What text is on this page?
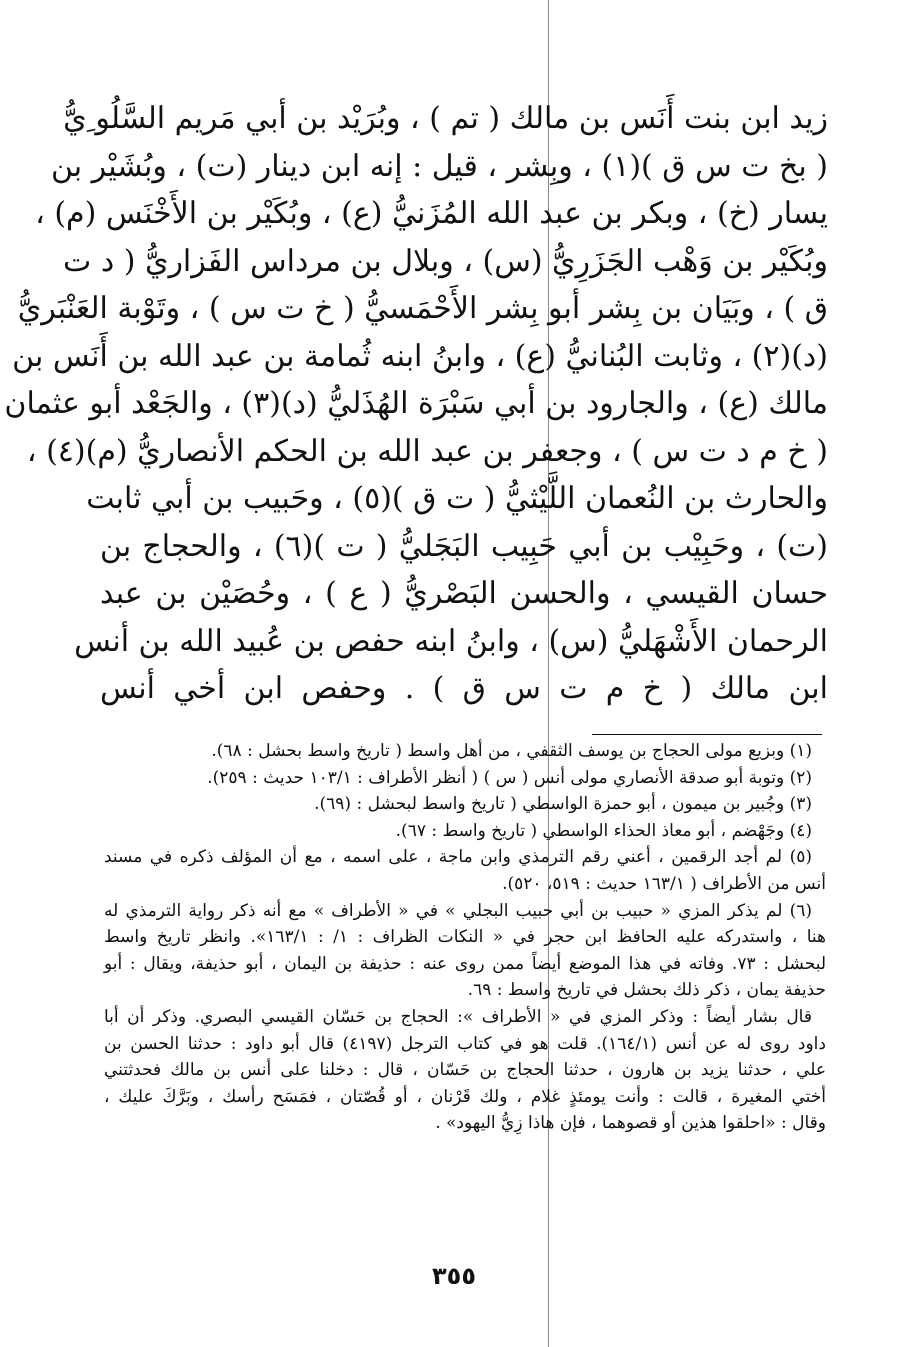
زيد ابن بنت أَنَس بن مالك ( تم ) ، وبُرَيْد بن أبي مَريم السَّلُو ِيُّ
( بخ ت س ق )(١) ، وبِشر ، قيل : إنه ابن دينار (ت) ، وبُشَيْر بن
يسار (خ) ، وبكر بن عبد الله المُزَنيُّ (ع) ، وبُكَيْر بن الأَخْنَس (م) ،
وبُكَيْر بن وَهْب الجَزَرِيُّ (س) ، وبلال بن مرداس الفَزاريُّ ( د ت
ق ) ، وبَيَان بن بِشر أبو بِشر الأَحْمَسيُّ ( خ ت س ) ، وتَوْبة العَنْبَريُّ
(د)(٢) ، وثابت البُنانيُّ (ع) ، وابنُ ابنه ثُمامة بن عبد الله بن أَنَس بن
مالك (ع) ، والجارود بن أبي سَبْرَة الهُذَليُّ (د)(٣) ، والجَعْد أبو عثمان
( خ م د ت س ) ، وجعفر بن عبد الله بن الحكم الأنصاريُّ (م)(٤) ،
والحارث بن النُعمان اللَّيْثيُّ ( ت ق )(٥) ، وحَبيب بن أبي ثابت
(ت) ، وحَبِيْب بن أبي حَبِيب البَجَليُّ ( ت )(٦) ، والحجاج بن
حسان القيسي ، والحسن البَصْريُّ ( ع ) ، وحُصَيْن بن عبد
الرحمان الأَشْهَليُّ (س) ، وابنُ ابنه حفص بن عُبيد الله بن أنس
ابن مالك ( خ م ت س ق ) . وحفص ابن أخي أنس
(١) وبزيع مولى الحجاج بن يوسف الثقفي ، من أهل واسط ( تاريخ واسط بحشل : ٦٨).
(٢) وتوبة أبو صدقة الأنصاري مولى أنس ( س ) ( أنظر الأطراف : ١٠٣/١ حديث : ٢٥٩).
(٣) وجُبير بن ميمون ، أبو حمزة الواسطي ( تاريخ واسط لبحشل : (٦٩).
(٤) وجَهْضم ، أبو معاذ الحذاء الواسطي ( تاريخ واسط : ٦٧).
(٥) لم أجد الرقمين ، أعني رقم الترمذي وابن ماجة ، على اسمه ، مع أن المؤلف ذكره في مسند
أنس من الأطراف ( ١٦٣/١ حديث : ٥١٩، ٥٢٠).
(٦) لم يذكر المزي « حبيب بن أبي حبيب البجلي » في « الأطراف » مع أنه ذكر رواية الترمذي له
هنا ، واستدركه عليه الحافظ ابن حجر في « النكات الظراف : ١/ : ١٦٣/١». وانظر تاريخ واسط
لبحشل : ٧٣. وفاته في هذا الموضع أيضاً ممن روى عنه : حذيفة بن اليمان ، أبو حذيفة، ويقال : أبو
حذيفة يمان ، ذكر ذلك بحشل في تاريخ واسط : ٦٩.
قال بشار أيضاً : وذكر المزي في « الأطراف »: الحجاج بن حَسّان القيسي البصري. وذكر أن أبا
داود روى له عن أنس (١٦٤/١). قلت هو في كتاب الترجل (٤١٩٧) قال أبو داود : حدثنا الحسن بن
علي ، حدثنا يزيد بن هارون ، حدثنا الحجاج بن حَسّان ، قال : دخلنا على أنس بن مالك فحدثتني
أختي المغيرة ، قالت : وأنت يومئذٍ غلام ، ولك قَرْنان ، أو قُصّتان ، فمَسَح رأسك ، وبَرَّكَ عليك ،
وقال : «احلقوا هذين أو قصوهما ، فإن هاذا زِيُّ اليهود» .
٣٥٥
